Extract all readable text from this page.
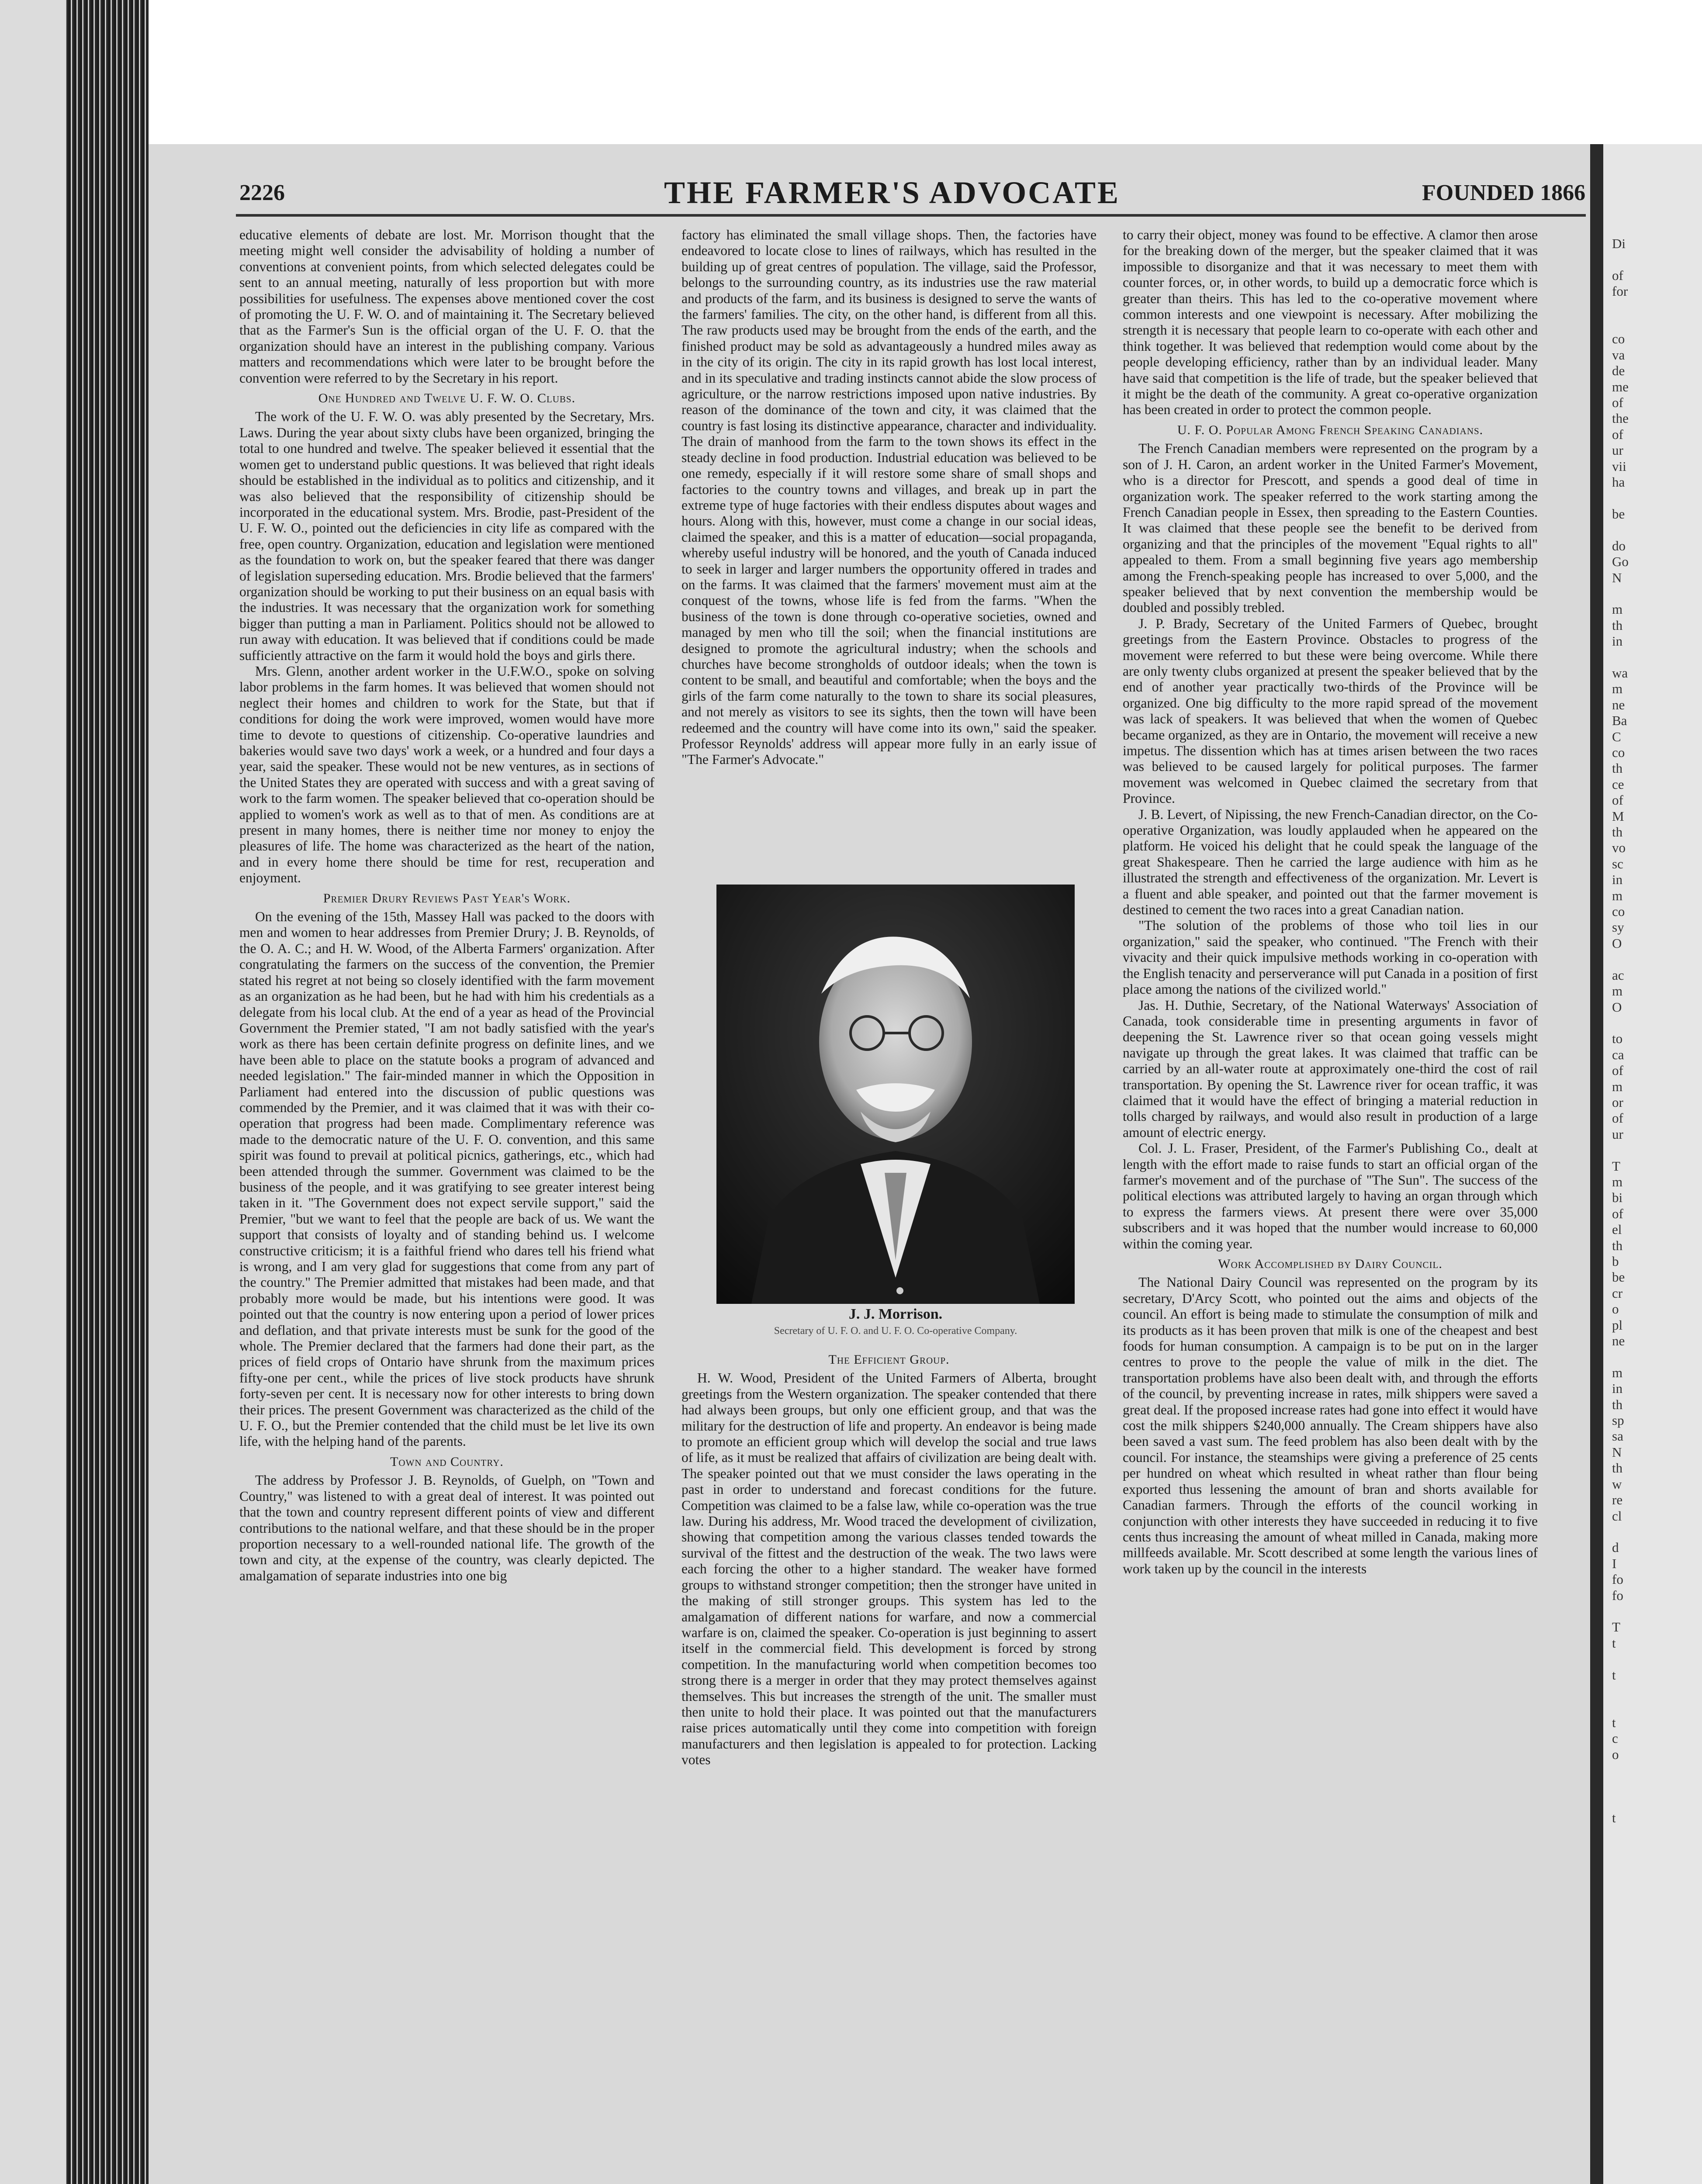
2226	THE FARMER'S ADVOCATE	FOUNDED 1866

educative elements of debate are lost. Mr. Morrison thought that the meeting might well consider the advisability of holding a number of conventions at convenient points, from which selected delegates could be sent to an annual meeting, naturally of less proportion but with more possibilities for usefulness. The expenses above mentioned cover the cost of promoting the U. F. W. O. and of maintaining it. The Secretary believed that as the Farmer's Sun is the official organ of the U. F. O. that the organization should have an interest in the publishing company. Various matters and recommendations which were later to be brought before the convention were referred to by the Secretary in his report.

One Hundred and Twelve U. F. W. O. Clubs.

The work of the U. F. W. O. was ably presented by the Secretary, Mrs. Laws. During the year about sixty clubs have been organized, bringing the total to one hundred and twelve. The speaker believed it essential that the women get to understand public questions. It was believed that right ideals should be established in the individual as to politics and citizenship, and it was also believed that the responsibility of citizenship should be incorporated in the educational system. Mrs. Brodie, past-President of the U. F. W. O., pointed out the deficiencies in city life as compared with the free, open country. Organization, education and legislation were mentioned as the foundation to work on, but the speaker feared that there was danger of legislation superseding education. Mrs. Brodie believed that the farmers' organization should be working to put their business on an equal basis with the industries. It was necessary that the organization work for something bigger than putting a man in Parliament. Politics should not be allowed to run away with education. It was believed that if conditions could be made sufficiently attractive on the farm it would hold the boys and girls there.

Mrs. Glenn, another ardent worker in the U.F.W.O., spoke on solving labor problems in the farm homes. It was believed that women should not neglect their homes and children to work for the State, but that if conditions for doing the work were improved, women would have more time to devote to questions of citizenship. Co-operative laundries and bakeries would save two days' work a week, or a hundred and four days a year, said the speaker. These would not be new ventures, as in sections of the United States they are operated with success and with a great saving of work to the farm women. The speaker believed that co-operation should be applied to women's work as well as to that of men. As conditions are at present in many homes, there is neither time nor money to enjoy the pleasures of life. The home was characterized as the heart of the nation, and in every home there should be time for rest, recuperation and enjoyment.

Premier Drury Reviews Past Year's Work.

On the evening of the 15th, Massey Hall was packed to the doors with men and women to hear addresses from Premier Drury; J. B. Reynolds, of the O. A. C.; and H. W. Wood, of the Alberta Farmers' organization. After congratulating the farmers on the success of the convention, the Premier stated his regret at not being so closely identified with the farm movement as an organization as he had been, but he had with him his credentials as a delegate from his local club. At the end of a year as head of the Provincial Government the Premier stated, "I am not badly satisfied with the year's work as there has been certain definite progress on definite lines, and we have been able to place on the statute books a program of advanced and needed legislation." The fair-minded manner in which the Opposition in Parliament had entered into the discussion of public questions was commended by the Premier, and it was claimed that it was with their co-operation that progress had been made. Complimentary reference was made to the democratic nature of the U. F. O. convention, and this same spirit was found to prevail at political picnics, gatherings, etc., which had been attended through the summer. Government was claimed to be the business of the people, and it was gratifying to see greater interest being taken in it. "The Government does not expect servile support," said the Premier, "but we want to feel that the people are back of us. We want the support that consists of loyalty and of standing behind us. I welcome constructive criticism; it is a faithful friend who dares tell his friend what is wrong, and I am very glad for suggestions that come from any part of the country." The Premier admitted that mistakes had been made, and that probably more would be made, but his intentions were good. It was pointed out that the country is now entering upon a period of lower prices and deflation, and that private interests must be sunk for the good of the whole. The Premier declared that the farmers had done their part, as the prices of field crops of Ontario have shrunk from the maximum prices fifty-one per cent., while the prices of live stock products have shrunk forty-seven per cent. It is necessary now for other interests to bring down their prices. The present Government was characterized as the child of the U. F. O., but the Premier contended that the child must be let live its own life, with the helping hand of the parents.

Town and Country.

The address by Professor J. B. Reynolds, of Guelph, on "Town and Country," was listened to with a great deal of interest. It was pointed out that the town and country represent different points of view and different contributions to the national welfare, and that these should be in the proper proportion necessary to a well-rounded national life. The growth of the town and city, at the expense of the country, was clearly depicted. The amalgamation of separate industries into one big

factory has eliminated the small village shops. Then, the factories have endeavored to locate close to lines of railways, which has resulted in the building up of great centres of population. The village, said the Professor, belongs to the surrounding country, as its industries use the raw material and products of the farm, and its business is designed to serve the wants of the farmers' families. The city, on the other hand, is different from all this. The raw products used may be brought from the ends of the earth, and the finished product may be sold as advantageously a hundred miles away as in the city of its origin. The city in its rapid growth has lost local interest, and in its speculative and trading instincts cannot abide the slow process of agriculture, or the narrow restrictions imposed upon native industries. By reason of the dominance of the town and city, it was claimed that the country is fast losing its distinctive appearance, character and individuality. The drain of manhood from the farm to the town shows its effect in the steady decline in food production. Industrial education was believed to be one remedy, especially if it will restore some share of small shops and factories to the country towns and villages, and break up in part the extreme type of huge factories with their endless disputes about wages and hours. Along with this, however, must come a change in our social ideas, claimed the speaker, and this is a matter of education—social propaganda, whereby useful industry will be honored, and the youth of Canada induced to seek in larger and larger numbers the opportunity offered in trades and on the farms. It was claimed that the farmers' movement must aim at the conquest of the towns, whose life is fed from the farms. "When the business of the town is done through co-operative societies, owned and managed by men who till the soil; when the financial institutions are designed to promote the agricultural industry; when the schools and churches have become strongholds of outdoor ideals; when the town is content to be small, and beautiful and comfortable; when the boys and the girls of the farm come naturally to the town to share its social pleasures, and not merely as visitors to see its sights, then the town will have been redeemed and the country will have come into its own," said the speaker. Professor Reynolds' address will appear more fully in an early issue of "The Farmer's Advocate."

J. J. Morrison.
Secretary of U. F. O. and U. F. O. Co-operative Company.
The Efficient Group.

H. W. Wood, President of the United Farmers of Alberta, brought greetings from the Western organization. The speaker contended that there had always been groups, but only one efficient group, and that was the military for the destruction of life and property. An endeavor is being made to promote an efficient group which will develop the social and true laws of life, as it must be realized that affairs of civilization are being dealt with. The speaker pointed out that we must consider the laws operating in the past in order to understand and forecast conditions for the future. Competition was claimed to be a false law, while co-operation was the true law. During his address, Mr. Wood traced the development of civilization, showing that competition among the various classes tended towards the survival of the fittest and the destruction of the weak. The two laws were each forcing the other to a higher standard. The weaker have formed groups to withstand stronger competition; then the stronger have united in the making of still stronger groups. This system has led to the amalgamation of different nations for warfare, and now a commercial warfare is on, claimed the speaker. Co-operation is just beginning to assert itself in the commercial field. This development is forced by strong competition. In the manufacturing world when competition becomes too strong there is a merger in order that they may protect themselves against themselves. This but increases the strength of the unit. The smaller must then unite to hold their place. It was pointed out that the manufacturers raise prices automatically until they come into competition with foreign manufacturers and then legislation is appealed to for protection. Lacking votes

to carry their object, money was found to be effective. A clamor then arose for the breaking down of the merger, but the speaker claimed that it was impossible to disorganize and that it was necessary to meet them with counter forces, or, in other words, to build up a democratic force which is greater than theirs. This has led to the co-operative movement where common interests and one viewpoint is necessary. After mobilizing the strength it is necessary that people learn to co-operate with each other and think together. It was believed that redemption would come about by the people developing efficiency, rather than by an individual leader. Many have said that competition is the life of trade, but the speaker believed that it might be the death of the community. A great co-operative organization has been created in order to protect the common people.

U. F. O. Popular Among French Speaking Canadians.

The French Canadian members were represented on the program by a son of J. H. Caron, an ardent worker in the United Farmer's Movement, who is a director for Prescott, and spends a good deal of time in organization work. The speaker referred to the work starting among the French Canadian people in Essex, then spreading to the Eastern Counties. It was claimed that these people see the benefit to be derived from organizing and that the principles of the movement "Equal rights to all" appealed to them. From a small beginning five years ago membership among the French-speaking people has increased to over 5,000, and the speaker believed that by next convention the membership would be doubled and possibly trebled.

J. P. Brady, Secretary of the United Farmers of Quebec, brought greetings from the Eastern Province. Obstacles to progress of the movement were referred to but these were being overcome. While there are only twenty clubs organized at present the speaker believed that by the end of another year practically two-thirds of the Province will be organized. One big difficulty to the more rapid spread of the movement was lack of speakers. It was believed that when the women of Quebec became organized, as they are in Ontario, the movement will receive a new impetus. The dissention which has at times arisen between the two races was believed to be caused largely for political purposes. The farmer movement was welcomed in Quebec claimed the secretary from that Province.

J. B. Levert, of Nipissing, the new French-Canadian director, on the Co-operative Organization, was loudly applauded when he appeared on the platform. He voiced his delight that he could speak the language of the great Shakespeare. Then he carried the large audience with him as he illustrated the strength and effectiveness of the organization. Mr. Levert is a fluent and able speaker, and pointed out that the farmer movement is destined to cement the two races into a great Canadian nation.

"The solution of the problems of those who toil lies in our organization," said the speaker, who continued. "The French with their vivacity and their quick impulsive methods working in co-operation with the English tenacity and perserverance will put Canada in a position of first place among the nations of the civilized world."

Jas. H. Duthie, Secretary, of the National Waterways' Association of Canada, took considerable time in presenting arguments in favor of deepening the St. Lawrence river so that ocean going vessels might navigate up through the great lakes. It was claimed that traffic can be carried by an all-water route at approximately one-third the cost of rail transportation. By opening the St. Lawrence river for ocean traffic, it was claimed that it would have the effect of bringing a material reduction in tolls charged by railways, and would also result in production of a large amount of electric energy.

Col. J. L. Fraser, President, of the Farmer's Publishing Co., dealt at length with the effort made to raise funds to start an official organ of the farmer's movement and of the purchase of "The Sun". The success of the political elections was attributed largely to having an organ through which to express the farmers views. At present there were over 35,000 subscribers and it was hoped that the number would increase to 60,000 within the coming year.

Work Accomplished by Dairy Council.

The National Dairy Council was represented on the program by its secretary, D'Arcy Scott, who pointed out the aims and objects of the council. An effort is being made to stimulate the consumption of milk and its products as it has been proven that milk is one of the cheapest and best foods for human consumption. A campaign is to be put on in the larger centres to prove to the people the value of milk in the diet. The transportation problems have also been dealt with, and through the efforts of the council, by preventing increase in rates, milk shippers were saved a great deal. If the proposed increase rates had gone into effect it would have cost the milk shippers $240,000 annually. The Cream shippers have also been saved a vast sum. The feed problem has also been dealt with by the council. For instance, the steamships were giving a preference of 25 cents per hundred on wheat which resulted in wheat rather than flour being exported thus lessening the amount of bran and shorts available for Canadian farmers. Through the efforts of the council working in conjunction with other interests they have succeeded in reducing it to five cents thus increasing the amount of wheat milled in Canada, making more millfeeds available. Mr. Scott described at some length the various lines of work taken up by the council in the interests

Di

of
for

co
va
de
me
of
the
of
ur
vii
ha

be

do
Go
N

m
th
in

wa
m
ne
Ba
C
co
th
ce
of
M
th
vo
sc
in
m
co
sy
O

ac
m
O

to
ca
of
m
or
of
ur

T
m
bi
of
el
th
b
be
cr
o
pl
ne

m
in
th
sp
sa
N
th
w
re
cl

d
I
fo
fo

T
t

t

t
c
o

t
